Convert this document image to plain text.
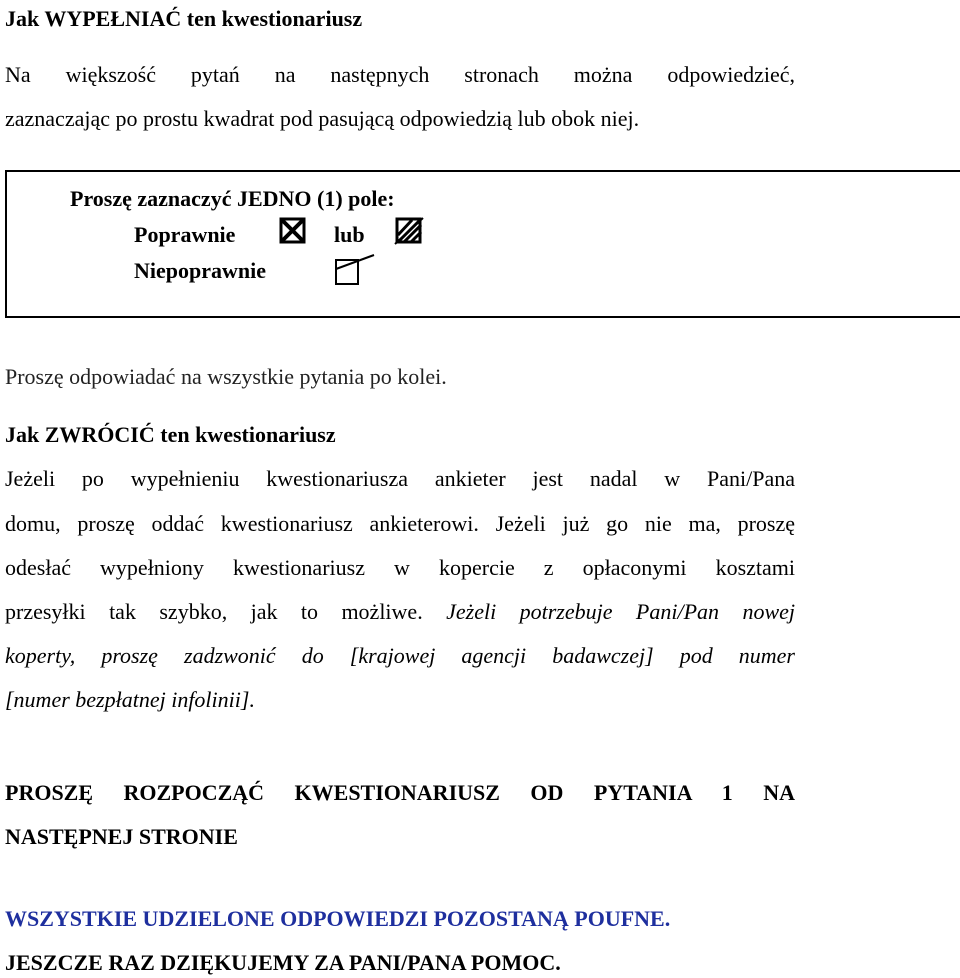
Jak WYPEŁNIAĆ ten kwestionariusz
Na większość pytań na następnych stronach można odpowiedzieć,
zaznaczając po prostu kwadrat pod pasującą odpowiedzią lub obok niej.
Proszę zaznaczyć JEDNO (1) pole:
Poprawnie	lub
Niepoprawnie
Proszę odpowiadać na wszystkie pytania po kolei.
Jak ZWRÓCIĆ ten kwestionariusz
Jeżeli po wypełnieniu kwestionariusza ankieter jest nadal w Pani/Pana
domu, proszę oddać kwestionariusz ankieterowi. Jeżeli już go nie ma, proszę
odesłać wypełniony kwestionariusz w kopercie z opłaconymi kosztami
przesyłki tak szybko, jak to możliwe. Jeżeli potrzebuje Pani/Pan nowej
koperty, proszę zadzwonić do [krajowej agencji badawczej] pod numer
[numer bezpłatnej infolinii].
PROSZĘ ROZPOCZĄĆ KWESTIONARIUSZ OD PYTANIA 1 NA
NASTĘPNEJ STRONIE
WSZYSTKIE UDZIELONE ODPOWIEDZI POZOSTANĄ POUFNE.
JESZCZE RAZ DZIĘKUJEMY ZA PANI/PANA POMOC.
